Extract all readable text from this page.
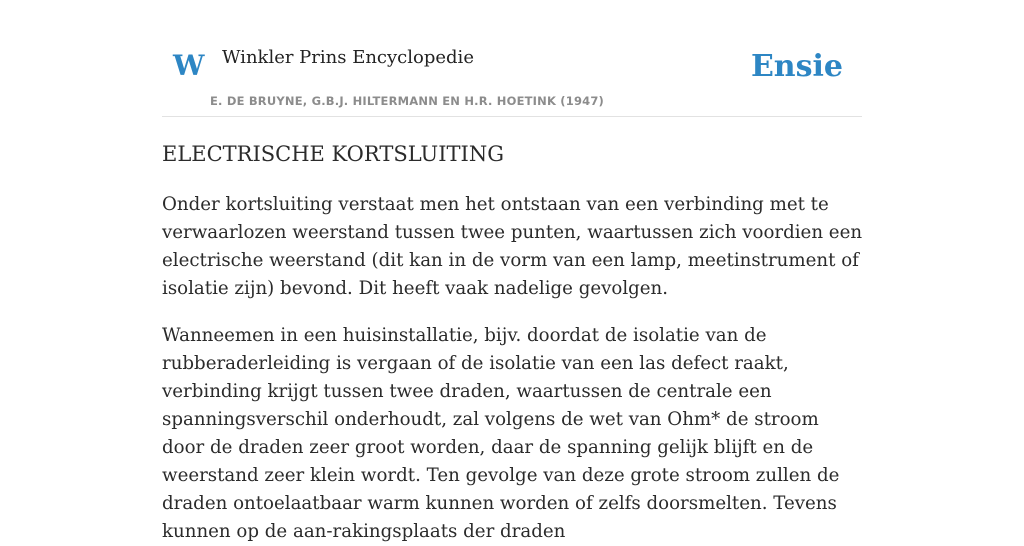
W Winkler Prins Encyclopedie
E. DE BRUYNE, G.B.J. HILTERMANN EN H.R. HOETINK (1947)
Ensie
ELECTRISCHE KORTSLUITING

Onder kortsluiting verstaat men het ontstaan van een verbinding met te verwaarlozen weerstand tussen twee punten, waartussen zich voordien een electrische weerstand (dit kan in de vorm van een lamp, meetinstrument of isolatie zijn) bevond. Dit heeft vaak nadelige gevolgen.

Wanneemen in een huisinstallatie, bijv. doordat de isolatie van de rubberaderleiding is vergaan of de isolatie van een las defect raakt, verbinding krijgt tussen twee draden, waartussen de centrale een spanningsverschil onderhoudt, zal volgens de wet van Ohm* de stroom door de draden zeer groot worden, daar de spanning gelijk blijft en de weerstand zeer klein wordt. Ten gevolge van deze grote stroom zullen de draden ontoelaatbaar warm kunnen worden of zelfs doorsmelten. Tevens kunnen op de aan-rakingsplaats der draden
